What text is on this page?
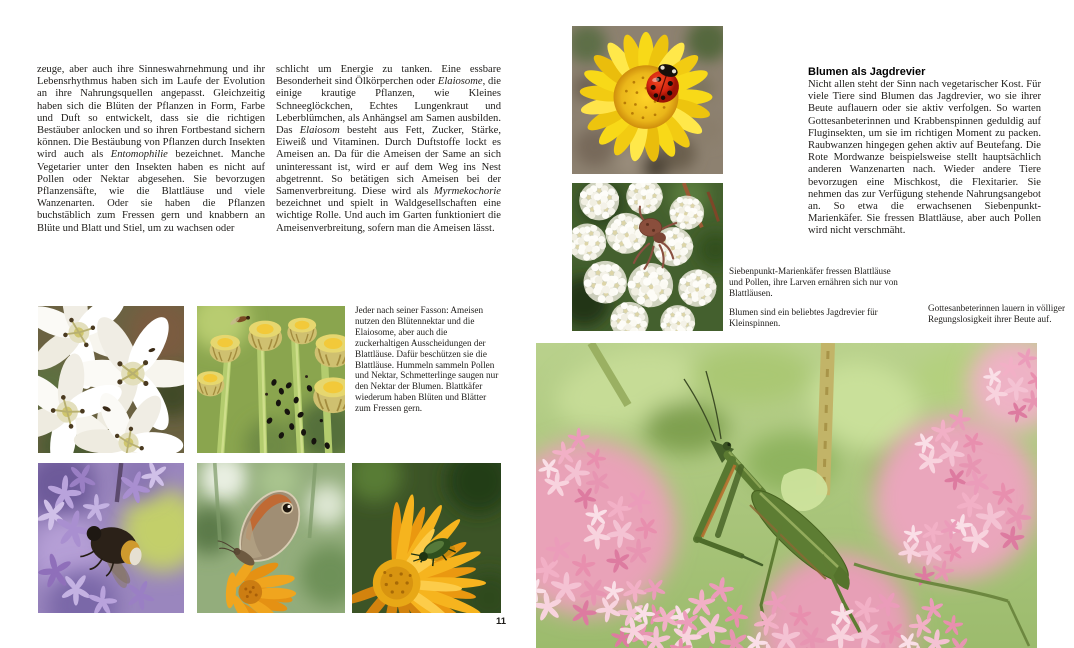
zeuge, aber auch ihre Sinneswahrnehmung und ihr Lebensrhythmus haben sich im Laufe der Evolution an ihre Nahrungsquellen angepasst. Gleichzeitig haben sich die Blüten der Pflanzen in Form, Farbe und Duft so entwickelt, dass sie die richtigen Bestäuber anlocken und so ihren Fortbestand sichern können. Die Bestäubung von Pflanzen durch Insekten wird auch als Entomophilie bezeichnet. Manche Vegetarier unter den Insekten haben es nicht auf Pollen oder Nektar abgesehen. Sie bevorzugen Pflanzensäfte, wie die Blattläuse und viele Wanzenarten. Oder sie haben die Pflanzen buchstäblich zum Fressen gern und knabbern an Blüte und Blatt und Stiel, um zu wachsen oder
schlicht um Energie zu tanken. Eine essbare Besonderheit sind Ölkörperchen oder Elaiosome, die einige krautige Pflanzen, wie Kleines Schneeglöckchen, Echtes Lungenkraut und Leberblümchen, als Anhängsel am Samen ausbilden. Das Elaiosom besteht aus Fett, Zucker, Stärke, Eiweiß und Vitaminen. Durch Duftstoffe lockt es Ameisen an. Da für die Ameisen der Same an sich uninteressant ist, wird er auf dem Weg ins Nest abgetrennt. So betätigen sich Ameisen bei der Samenverbreitung. Diese wird als Myrmekochorie bezeichnet und spielt in Waldgesellschaften eine wichtige Rolle. Und auch im Garten funktioniert die Ameisenverbreitung, sofern man die Ameisen lässt.
Jeder nach seiner Fasson: Ameisen nutzen den Blütennektar und die Elaiosome, aber auch die zuckerhaltigen Ausscheidungen der Blattläuse. Dafür beschützen sie die Blattläuse. Hummeln sammeln Pollen und Nektar, Schmetterlinge saugen nur den Nektar der Blumen. Blattkäfer wiederum haben Blüten und Blätter zum Fressen gern.
11
Siebenpunkt-Marienkäfer fressen Blattläuse und Pollen, ihre Larven ernähren sich nur von Blattläusen.
Blumen sind ein beliebtes Jagdrevier für Kleinspinnen.
Blumen als Jagdrevier
Nicht allen steht der Sinn nach vegetarischer Kost. Für viele Tiere sind Blumen das Jagdrevier, wo sie ihrer Beute auflauern oder sie aktiv verfolgen. So warten Gottesanbeterinnen und Krabbenspinnen geduldig auf Fluginsekten, um sie im richtigen Moment zu packen. Raubwanzen hingegen gehen aktiv auf Beutefang. Die Rote Mordwanze beispielsweise stellt hauptsächlich anderen Wanzenarten nach. Wieder andere Tiere bevorzugen eine Mischkost, die Flexitarier. Sie nehmen das zur Verfügung stehende Nahrungsangebot an. So etwa die erwachsenen Siebenpunkt-Marienkäfer. Sie fressen Blattläuse, aber auch Pollen wird nicht verschmäht.
Gottesanbeterinnen lauern in völliger Regungslosigkeit ihrer Beute auf.
